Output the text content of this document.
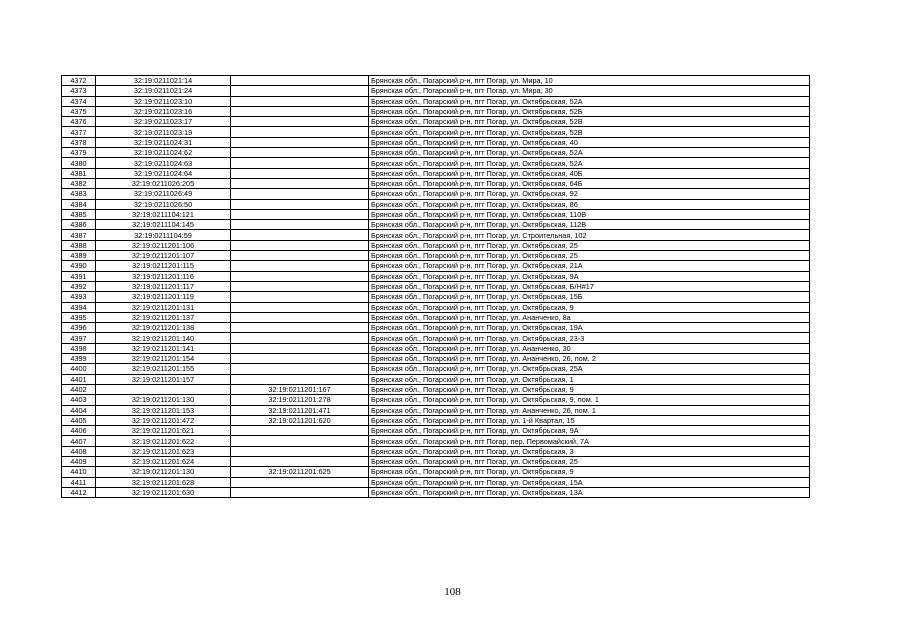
4372	32:19:0211021:14		Брянская обл., Погарский р-н, пгт Погар, ул. Мира, 10
4373	32:19:0211021:24		Брянская обл., Погарский р-н, пгт Погар, ул. Мира, 30
4374	32:19:0211023:10		Брянская обл., Погарский р-н, пгт Погар, ул. Октябрьская, 52А
4375	32:19:0211023:16		Брянская обл., Погарский р-н, пгт Погар, ул. Октябрьская, 52Б
4376	32:19:0211023:17		Брянская обл., Погарский р-н, пгт Погар, ул. Октябрьская, 52В
4377	32:19:0211023:19		Брянская обл., Погарский р-н, пгт Погар, ул. Октябрьская, 52В
4378	32:19:0211024:31		Брянская обл., Погарский р-н, пгт Погар, ул. Октябрьская, 40
4379	32:19:0211024:62		Брянская обл., Погарский р-н, пгт Погар, ул. Октябрьская, 52А
4380	32:19:0211024:63		Брянская обл., Погарский р-н, пгт Погар, ул. Октябрьская, 52А
4381	32:19:0211024:64		Брянская обл., Погарский р-н, пгт Погар, ул. Октябрьская, 40Б
4382	32:19:0211026:205		Брянская обл., Погарский р-н, пгт Погар, ул. Октябрьская, 64Б
4383	32:19:0211026:49		Брянская обл., Погарский р-н, пгт Погар, ул. Октябрьская, 92
4384	32:19:0211026:50		Брянская обл., Погарский р-н, пгт Погар, ул. Октябрьская, 86
4385	32:19:0211104:121		Брянская обл., Погарский р-н, пгт Погар, ул. Октябрьская, 110В
4386	32:19:0211104:145		Брянская обл., Погарский р-н, пгт Погар, ул. Октябрьская, 112В
4387	32:19:0211104:59		Брянская обл., Погарский р-н, пгт Погар, ул. Строительная, 102
4388	32:19:0211201:106		Брянская обл., Погарский р-н, пгт Погар, ул. Октябрьская, 25
4389	32:19:0211201:107		Брянская обл., Погарский р-н, пгт Погар, ул. Октябрьская, 25
4390	32:19:0211201:115		Брянская обл., Погарский р-н, пгт Погар, ул. Октябрьская, 21А
4391	32:19:0211201:116		Брянская обл., Погарский р-н, пгт Погар, ул. Октябрьская, 9А
4392	32:19:0211201:117		Брянская обл., Погарский р-н, пгт Погар, ул. Октябрьская, Б/Н#17
4393	32:19:0211201:119		Брянская обл., Погарский р-н, пгт Погар, ул. Октябрьская, 15Б
4394	32:19:0211201:131		Брянская обл., Погарский р-н, пгт Погар, ул. Октябрьская, 9
4395	32:19:0211201:137		Брянская обл., Погарский р-н, пгт Погар, ул. Ананченко, 8а
4396	32:19:0211201:138		Брянская обл., Погарский р-н, пгт Погар, ул. Октябрьская, 19А
4397	32:19:0211201:140		Брянская обл., Погарский р-н, пгт Погар, ул. Октябрьская, 23-3
4398	32:19:0211201:141		Брянская обл., Погарский р-н, пгт Погар, ул. Ананченко, 30
4399	32:19:0211201:154		Брянская обл., Погарский р-н, пгт Погар, ул. Ананченко, 26, пом. 2
4400	32:19:0211201:155		Брянская обл., Погарский р-н, пгт Погар, ул. Октябрьская, 25А
4401	32:19:0211201:157		Брянская обл., Погарский р-н, пгт Погар, ул. Октябрьская, 1
4402		32:19:0211201:167	Брянская обл., Погарский р-н, пгт Погар, ул. Октябрьская, 9
4403	32:19:0211201:130	32:19:0211201:278	Брянская обл., Погарский р-н, пгт Погар, ул. Октябрьская, 9, пом. 1
4404	32:19:0211201:153	32:19:0211201:471	Брянская обл., Погарский р-н, пгт Погар, ул. Ананченко, 26, пом. 1
4405	32:19:0211201:472	32:19:0211201:620	Брянская обл., Погарский р-н, пгт Погар, ул. 1-й Квартал, 15
4406	32:19:0211201:621		Брянская обл., Погарский р-н, пгт Погар, ул. Октябрьская, 9А
4407	32:19:0211201:622		Брянская обл., Погарский р-н, пгт Погар, пер. Первомайский, 7А
4408	32:19:0211201:623		Брянская обл., Погарский р-н, пгт Погар, ул. Октябрьская, 3
4409	32:19:0211201:624		Брянская обл., Погарский р-н, пгт Погар, ул. Октябрьская, 25
4410	32:19:0211201:130	32:19:0211201:625	Брянская обл., Погарский р-н, пгт Погар, ул. Октябрьская, 9
4411	32:19:0211201:628		Брянская обл., Погарский р-н, пгт Погар, ул. Октябрьская, 15А
4412	32:19:0211201:630		Брянская обл., Погарский р-н, пгт Погар, ул. Октябрьская, 13А
108
